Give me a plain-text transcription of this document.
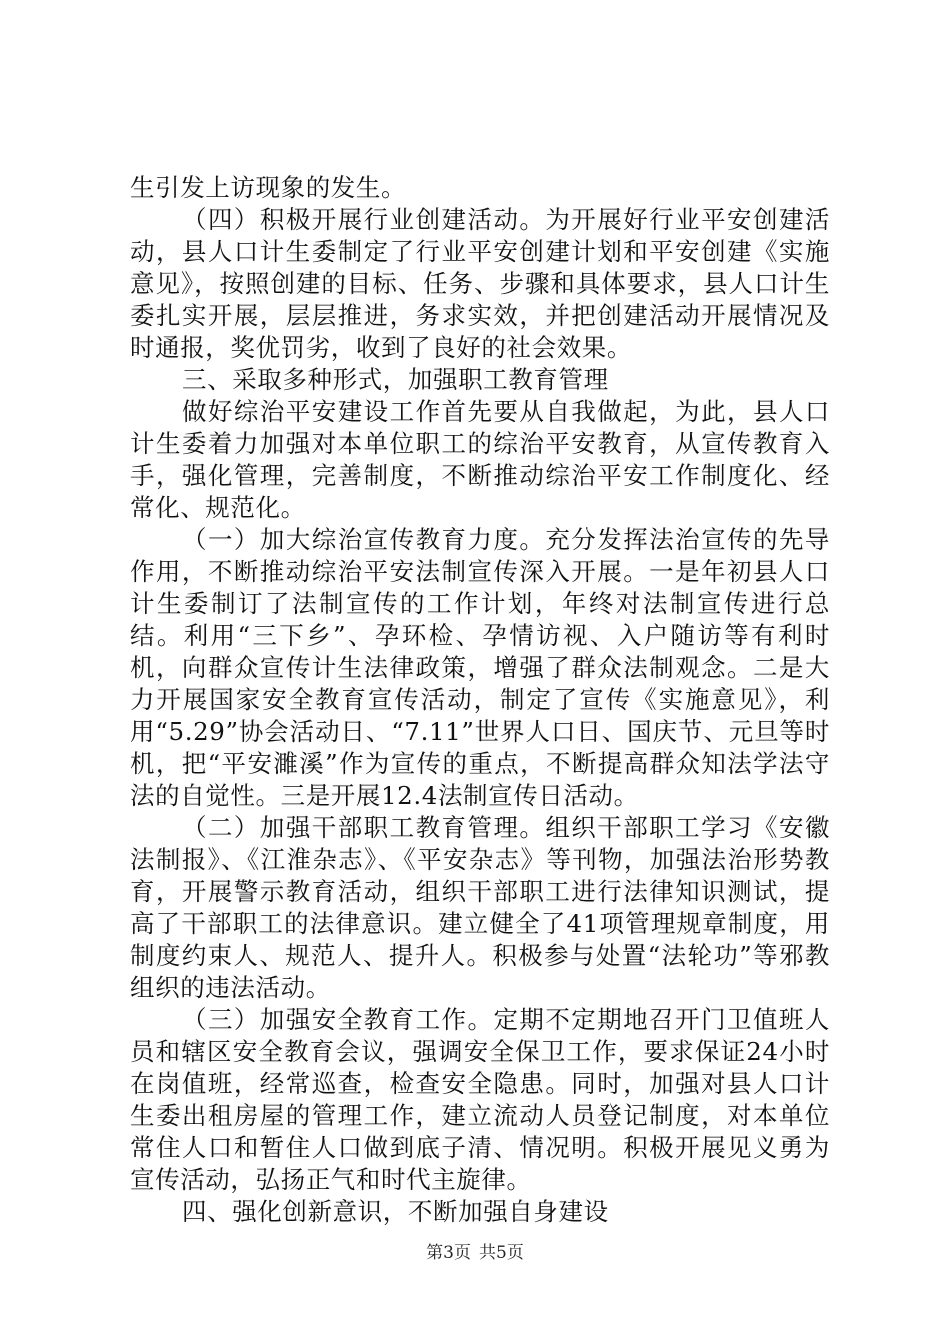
生引发上访现象的发生。

（四）积极开展行业创建活动。为开展好行业平安创建活动，县人口计生委制定了行业平安创建计划和平安创建《实施意见》，按照创建的目标、任务、步骤和具体要求，县人口计生委扎实开展，层层推进，务求实效，并把创建活动开展情况及时通报，奖优罚劣，收到了良好的社会效果。

三、采取多种形式，加强职工教育管理

做好综治平安建设工作首先要从自我做起，为此，县人口计生委着力加强对本单位职工的综治平安教育，从宣传教育入手，强化管理，完善制度，不断推动综治平安工作制度化、经常化、规范化。

（一）加大综治宣传教育力度。充分发挥法治宣传的先导作用，不断推动综治平安法制宣传深入开展。一是年初县人口计生委制订了法制宣传的工作计划，年终对法制宣传进行总结。利用“三下乡”、孕环检、孕情访视、入户随访等有利时机，向群众宣传计生法律政策，增强了群众法制观念。二是大力开展国家安全教育宣传活动，制定了宣传《实施意见》，利用“5.29”协会活动日、“7.11”世界人口日、国庆节、元旦等时机，把“平安濉溪”作为宣传的重点，不断提高群众知法学法守法的自觉性。三是开展12.4法制宣传日活动。

（二）加强干部职工教育管理。组织干部职工学习《安徽法制报》、《江淮杂志》、《平安杂志》等刊物，加强法治形势教育，开展警示教育活动，组织干部职工进行法律知识测试，提高了干部职工的法律意识。建立健全了41项管理规章制度，用制度约束人、规范人、提升人。积极参与处置“法轮功”等邪教组织的违法活动。

（三）加强安全教育工作。定期不定期地召开门卫值班人员和辖区安全教育会议，强调安全保卫工作，要求保证24小时在岗值班，经常巡查，检查安全隐患。同时，加强对县人口计生委出租房屋的管理工作，建立流动人员登记制度，对本单位常住人口和暂住人口做到底子清、情况明。积极开展见义勇为宣传活动，弘扬正气和时代主旋律。

四、强化创新意识，不断加强自身建设

第3页 共5页
